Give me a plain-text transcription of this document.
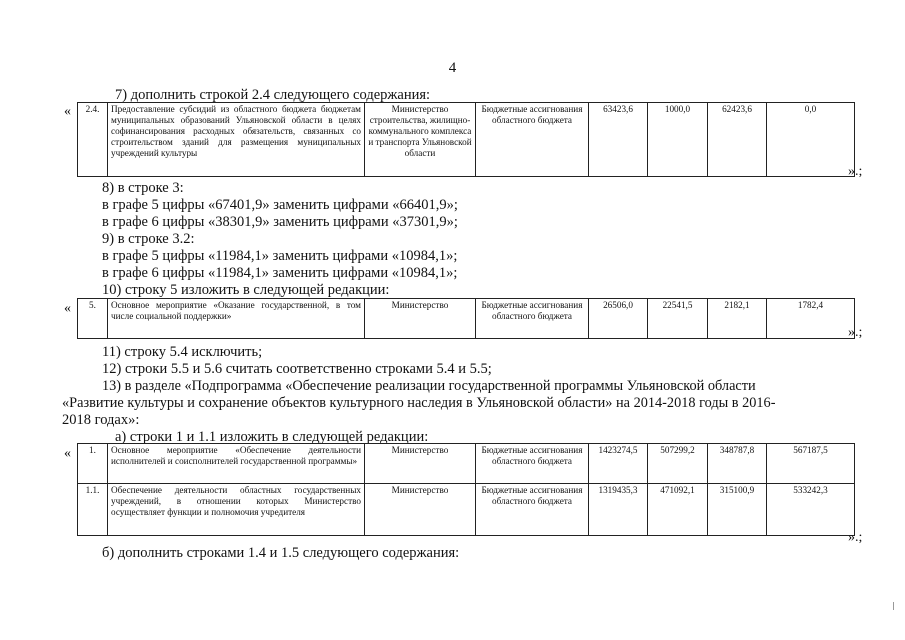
4
7) дополнить строкой 2.4 следующего содержания:
« 2.4.	Предоставление субсидий из областного бюджета бюджетам муниципальных образований Ульяновской области в целях софинансирования расходных обязательств, связанных со строительством зданий для размещения муниципальных учреждений культуры	Министерство строительства, жилищно-коммунального комплекса и транспорта Ульяновской области	Бюджетные ассигнования областного бюджета	63423,6	1000,0	62423,6	0,0
».;
8) в строке 3:
в графе 5 цифры «67401,9» заменить цифрами «66401,9»;
в графе 6 цифры «38301,9» заменить цифрами «37301,9»;
9) в строке 3.2:
в графе 5 цифры «11984,1» заменить цифрами «10984,1»;
в графе 6 цифры «11984,1» заменить цифрами «10984,1»;
10) строку 5 изложить в следующей редакции:
« 5.	Основное мероприятие «Оказание государственной, в том числе социальной поддержки»	Министерство	Бюджетные ассигнования областного бюджета	26506,0	22541,5	2182,1	1782,4
».;
11) строку 5.4 исключить;
12) строки 5.5 и 5.6 считать соответственно строками 5.4 и 5.5;
13) в разделе «Подпрограмма «Обеспечение реализации государственной программы Ульяновской области
«Развитие культуры и сохранение объектов культурного наследия в Ульяновской области» на 2014-2018 годы в 2016-
2018 годах»:
а) строки 1 и 1.1 изложить в следующей редакции:
« 1.	Основное мероприятие «Обеспечение деятельности исполнителей и соисполнителей государственной программы»	Министерство	Бюджетные ассигнования областного бюджета	1423274,5	507299,2	348787,8	567187,5
1.1.	Обеспечение деятельности областных государственных учреждений, в отношении которых Министерство осуществляет функции и полномочия учредителя	Министерство	Бюджетные ассигнования областного бюджета	1319435,3	471092,1	315100,9	533242,3
».;
б) дополнить строками 1.4 и 1.5 следующего содержания:
